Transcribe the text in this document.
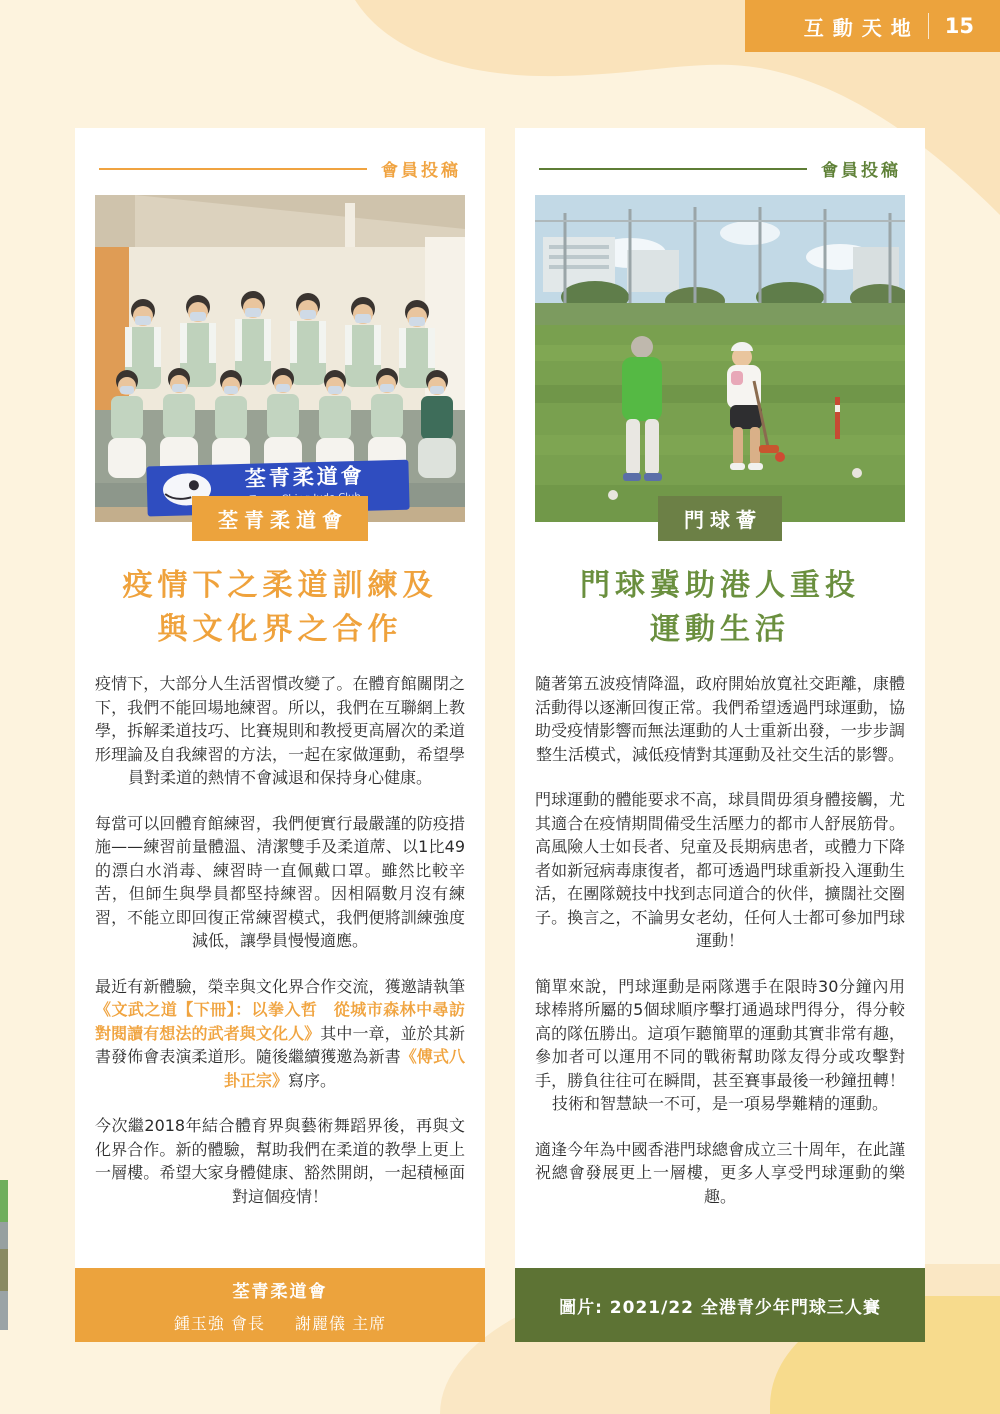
互動天地 15
會員投稿
荃青柔道會
荃青柔道會
疫情下之柔道訓練及
與文化界之合作

疫情下，大部分人生活習慣改變了。在體育館關閉之下，我們不能回場地練習。所以，我們在互聯網上教學，拆解柔道技巧、比賽規則和教授更高層次的柔道形理論及自我練習的方法，一起在家做運動，希望學員對柔道的熱情不會減退和保持身心健康。

每當可以回體育館練習，我們便實行最嚴謹的防疫措施——練習前量體溫、清潔雙手及柔道蓆、以1比49的漂白水消毒、練習時一直佩戴口罩。雖然比較辛苦，但師生與學員都堅持練習。因相隔數月沒有練習，不能立即回復正常練習模式，我們便將訓練強度減低，讓學員慢慢適應。

最近有新體驗，榮幸與文化界合作交流，獲邀請執筆 《文武之道【下冊】：以拳入哲　從城市森林中尋訪對閱讀有想法的武者與文化人》其中一章，並於其新書發佈會表演柔道形。隨後繼續獲邀為新書《傅式八卦正宗》寫序。

今次繼2018年結合體育界與藝術舞蹈界後，再與文化界合作。新的體驗，幫助我們在柔道的教學上更上一層樓。希望大家身體健康、豁然開朗，一起積極面對這個疫情！

荃青柔道會
鍾玉強 會長 謝麗儀 主席
會員投稿
門球薈
門球冀助港人重投
運動生活

隨著第五波疫情降溫，政府開始放寬社交距離，康體活動得以逐漸回復正常。我們希望透過門球運動，協助受疫情影響而無法運動的人士重新出發，一步步調整生活模式，減低疫情對其運動及社交生活的影響。

門球運動的體能要求不高，球員間毋須身體接觸，尤其適合在疫情期間備受生活壓力的都市人舒展筋骨。高風險人士如長者、兒童及長期病患者，或體力下降者如新冠病毒康復者，都可透過門球重新投入運動生活，在團隊競技中找到志同道合的伙伴，擴闊社交圈子。換言之，不論男女老幼，任何人士都可參加門球運動！

簡單來說，門球運動是兩隊選手在限時30分鐘內用球棒將所屬的5個球順序擊打通過球門得分，得分較高的隊伍勝出。這項乍聽簡單的運動其實非常有趣，參加者可以運用不同的戰術幫助隊友得分或攻擊對手，勝負往往可在瞬間，甚至賽事最後一秒鐘扭轉！技術和智慧缺一不可，是一項易學難精的運動。

適逢今年為中國香港門球總會成立三十周年，在此謹祝總會發展更上一層樓，更多人享受門球運動的樂趣。

圖片: 2021/22 全港青少年門球三人賽
